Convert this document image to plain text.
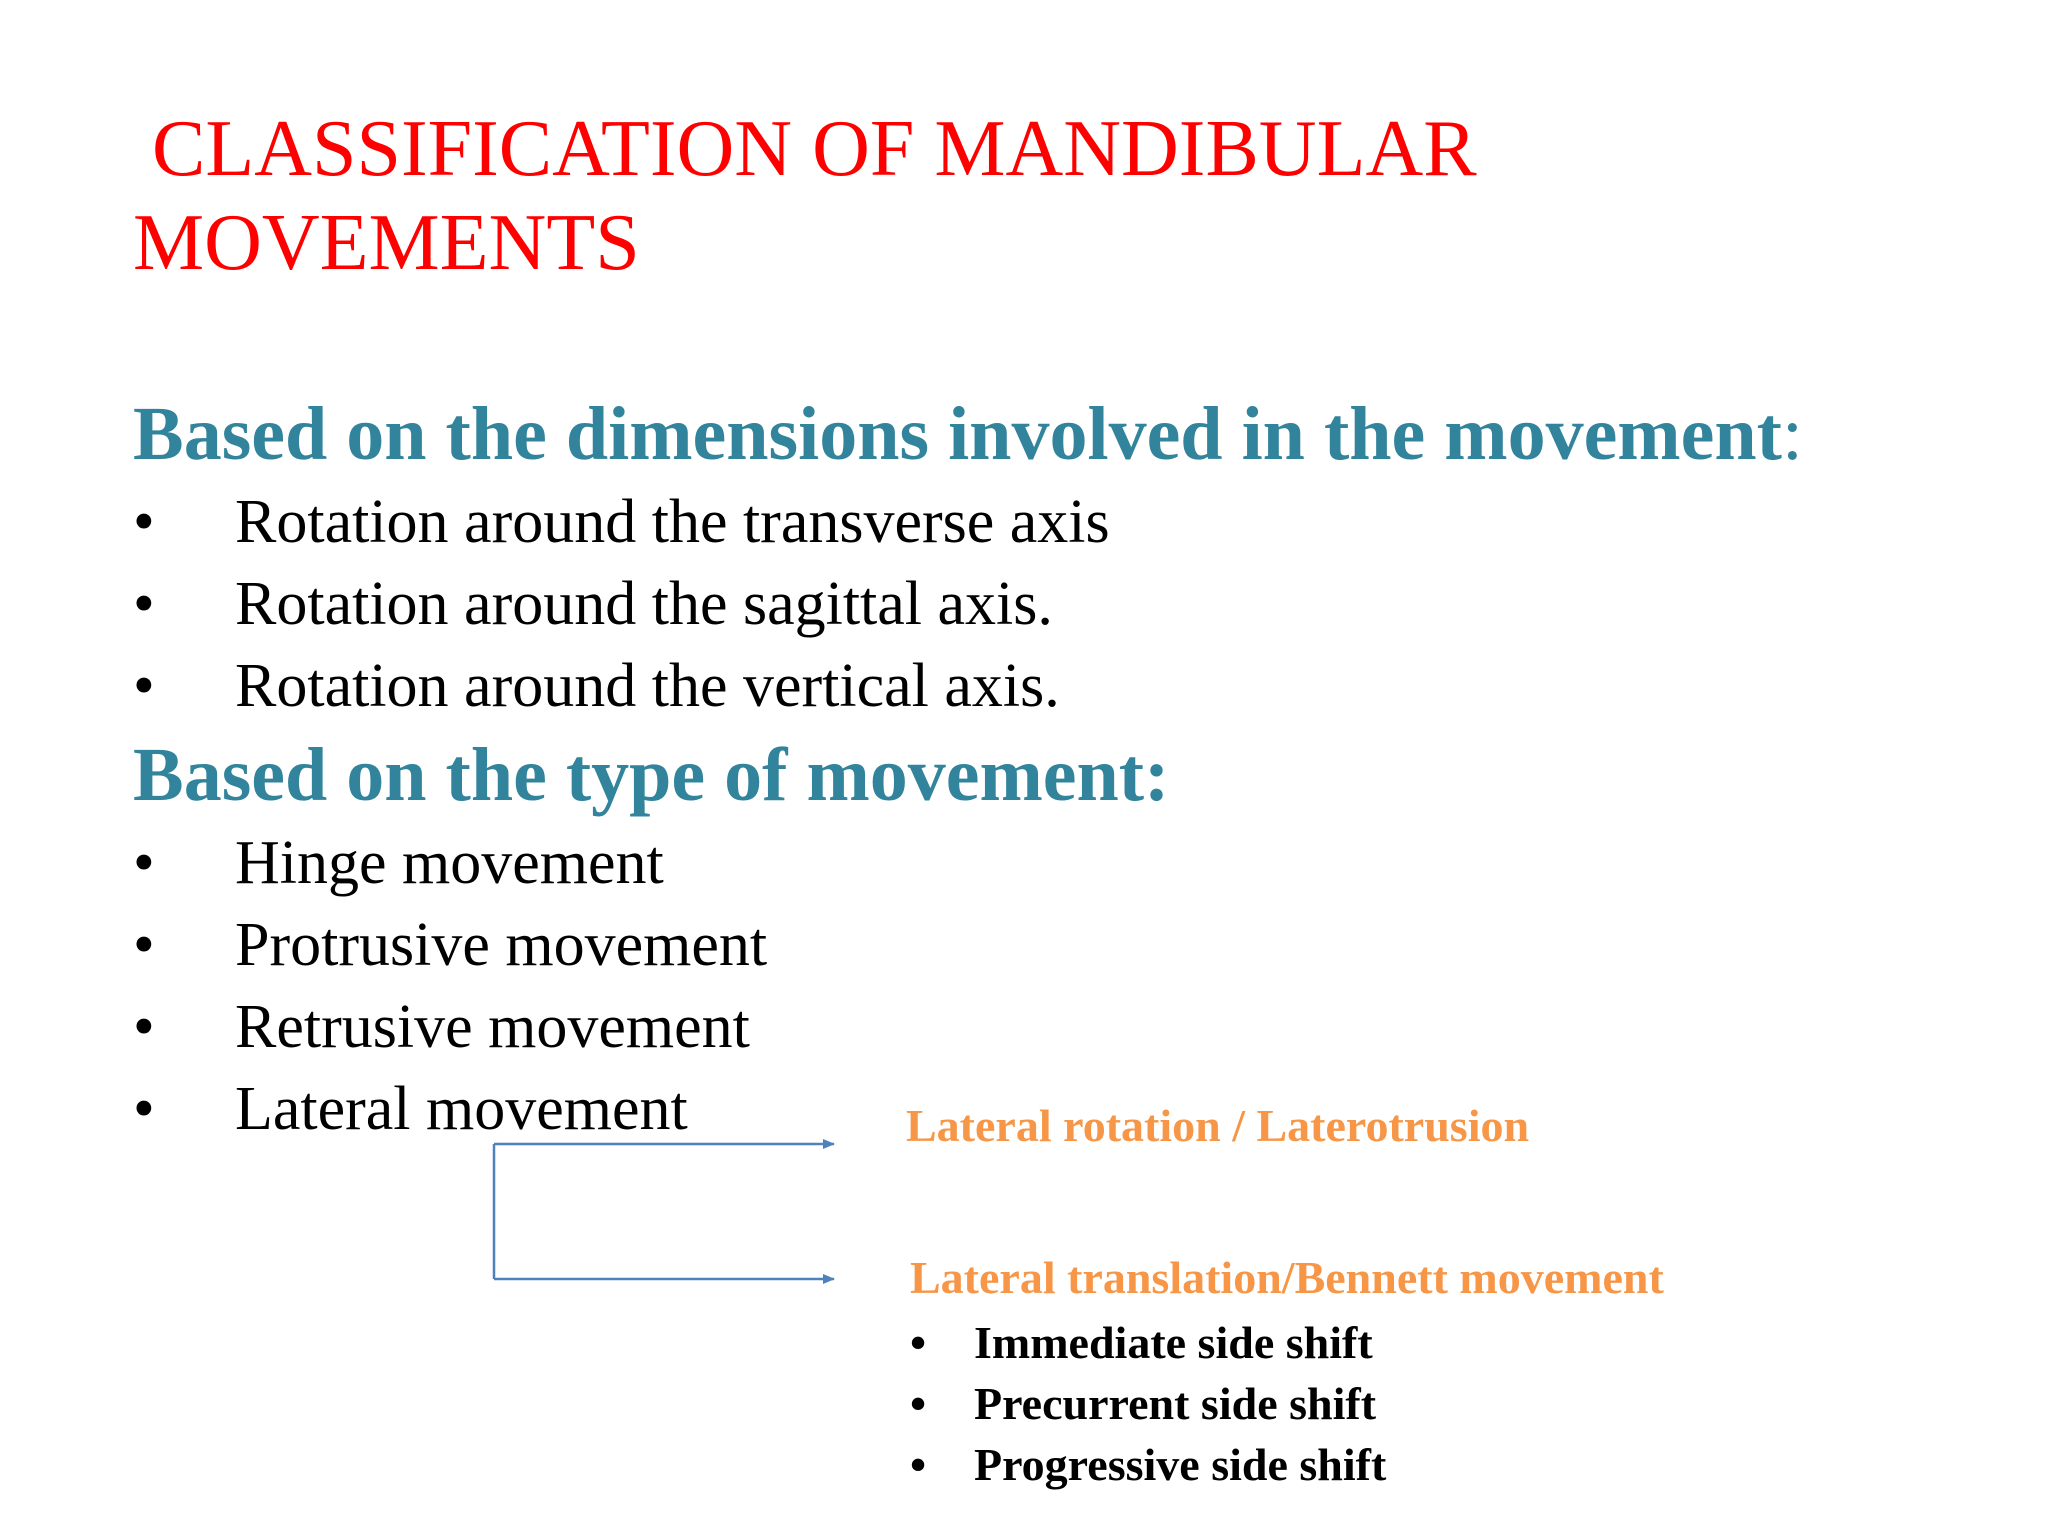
CLASSIFICATION OF MANDIBULAR
MOVEMENTS
Based on the dimensions involved in the movement:
• Rotation around the transverse axis
• Rotation around the sagittal axis.
• Rotation around the vertical axis.
Based on the type of movement:
• Hinge movement
• Protrusive movement
• Retrusive movement
• Lateral movement	Lateral rotation / Laterotrusion
Lateral translation/Bennett movement
• Immediate side shift
• Precurrent side shift
• Progressive side shift
